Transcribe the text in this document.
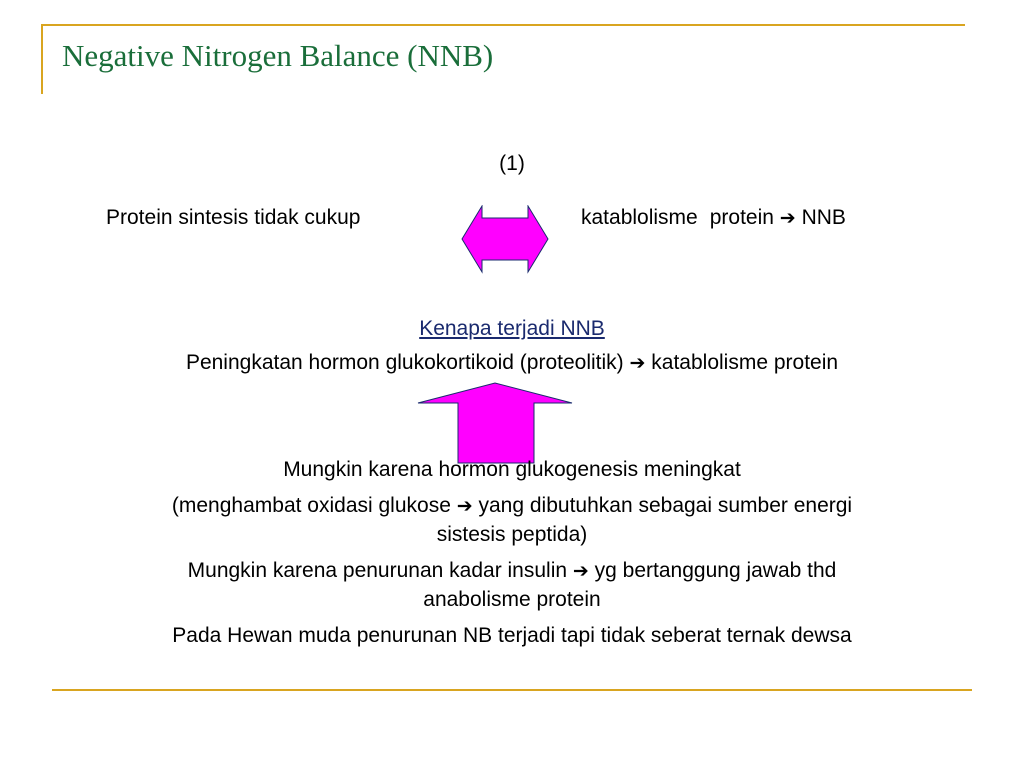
Negative Nitrogen Balance (NNB)
(1)
Protein sintesis tidak cukup	katablolisme protein ➔ NNB
Kenapa terjadi NNB
Peningkatan hormon glukokortikoid (proteolitik) ➔ katablolisme protein
Mungkin karena hormon glukogenesis meningkat
(menghambat oxidasi glukose ➔ yang dibutuhkan sebagai sumber energi
sistesis peptida)
Mungkin karena penurunan kadar insulin ➔ yg bertanggung jawab thd
anabolisme protein
Pada Hewan muda penurunan NB terjadi tapi tidak seberat ternak dewsa
